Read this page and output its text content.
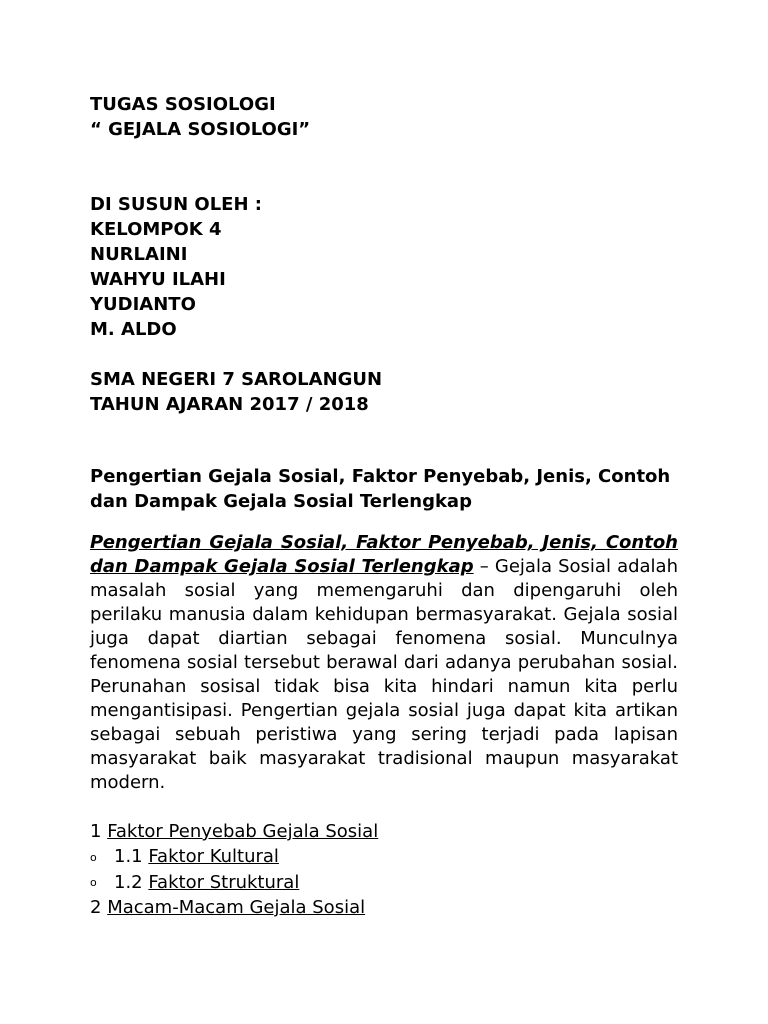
TUGAS SOSIOLOGI
“ GEJALA SOSIOLOGI”
DI SUSUN OLEH :
KELOMPOK 4
NURLAINI
WAHYU ILAHI
YUDIANTO
M. ALDO
SMA NEGERI 7 SAROLANGUN
TAHUN AJARAN 2017 / 2018
Pengertian Gejala Sosial, Faktor Penyebab, Jenis, Contoh dan Dampak Gejala Sosial Terlengkap
Pengertian Gejala Sosial, Faktor Penyebab, Jenis, Contoh dan Dampak Gejala Sosial Terlengkap – Gejala Sosial adalah masalah sosial yang memengaruhi dan dipengaruhi oleh perilaku manusia dalam kehidupan bermasyarakat. Gejala sosial juga dapat diartian sebagai fenomena sosial. Munculnya fenomena sosial tersebut berawal dari adanya perubahan sosial. Perunahan sosisal tidak bisa kita hindari namun kita perlu mengantisipasi. Pengertian gejala sosial juga dapat kita artikan sebagai sebuah peristiwa yang sering terjadi pada lapisan masyarakat baik masyarakat tradisional maupun masyarakat modern.
1 Faktor Penyebab Gejala Sosial
o 1.1 Faktor Kultural
o 1.2 Faktor Struktural
2 Macam-Macam Gejala Sosial
